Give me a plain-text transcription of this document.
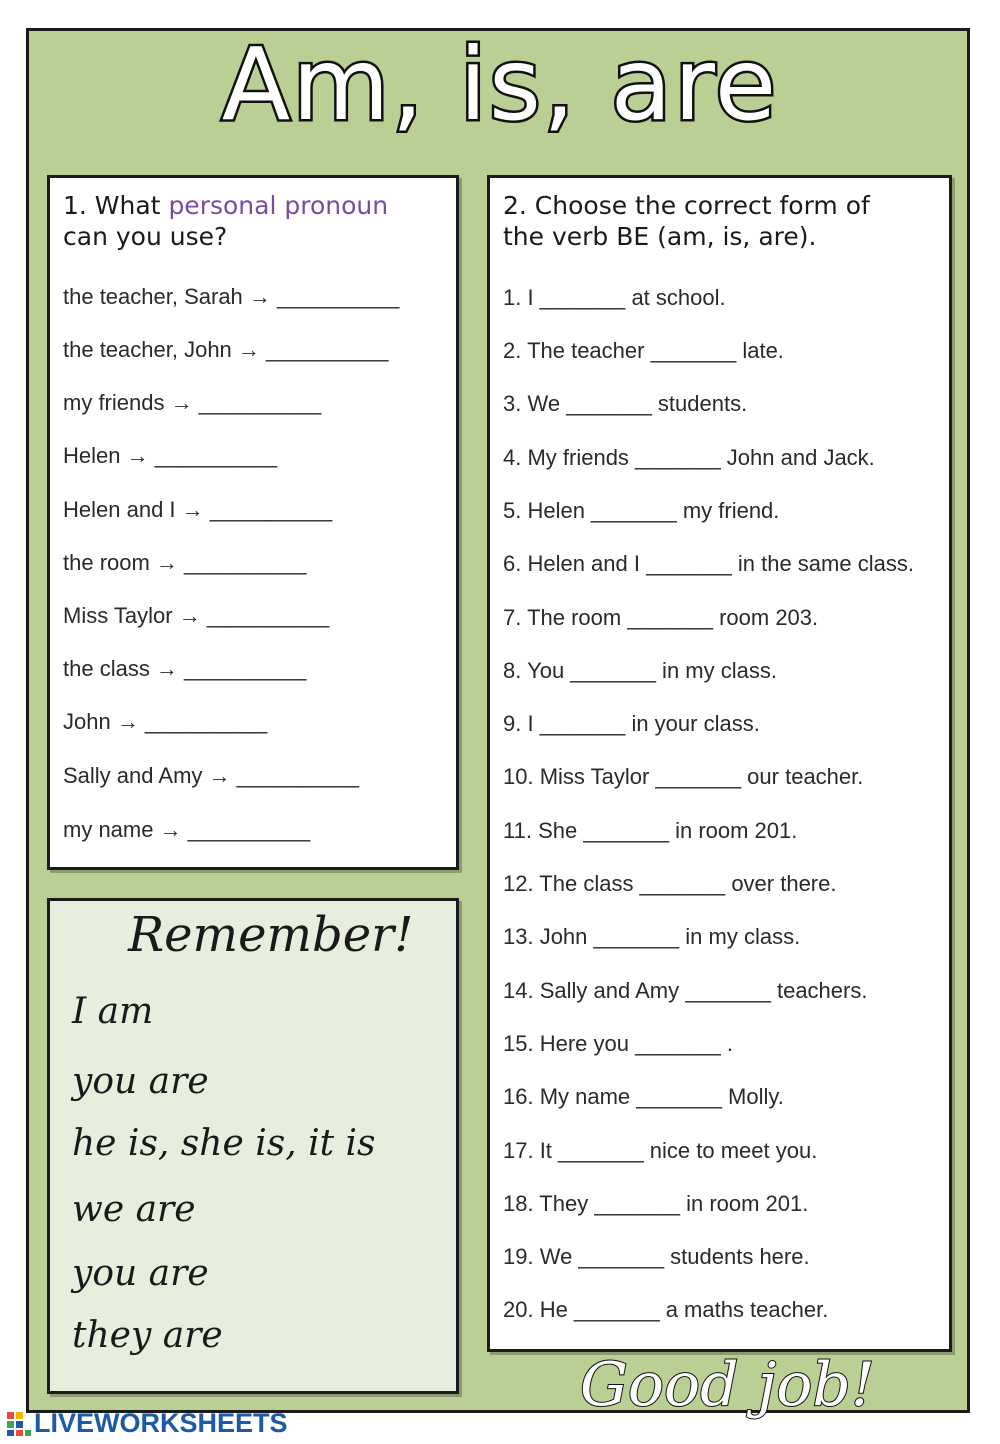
Am, is, are
1. What personal pronoun
can you use?
the teacher, Sarah → __________
the teacher, John → __________
my friends → __________
Helen → __________
Helen and I → __________
the room → __________
Miss Taylor → __________
the class → __________
John → __________
Sally and Amy → __________
my name → __________
2. Choose the correct form of
the verb BE (am, is, are).
1. I _______ at school.
2. The teacher _______ late.
3. We _______ students.
4. My friends _______ John and Jack.
5. Helen _______ my friend.
6. Helen and I _______ in the same class.
7. The room _______ room 203.
8. You _______ in my class.
9. I _______ in your class.
10. Miss Taylor _______ our teacher.
11. She _______ in room 201.
12. The class _______ over there.
13. John _______ in my class.
14. Sally and Amy _______ teachers.
15. Here you _______ .
16. My name _______ Molly.
17. It _______ nice to meet you.
18. They _______ in room 201.
19. We _______ students here.
20. He _______ a maths teacher.
Remember!
I am
you are
he is, she is, it is
we are
you are
they are
Good job!
LIVEWORKSHEETS
